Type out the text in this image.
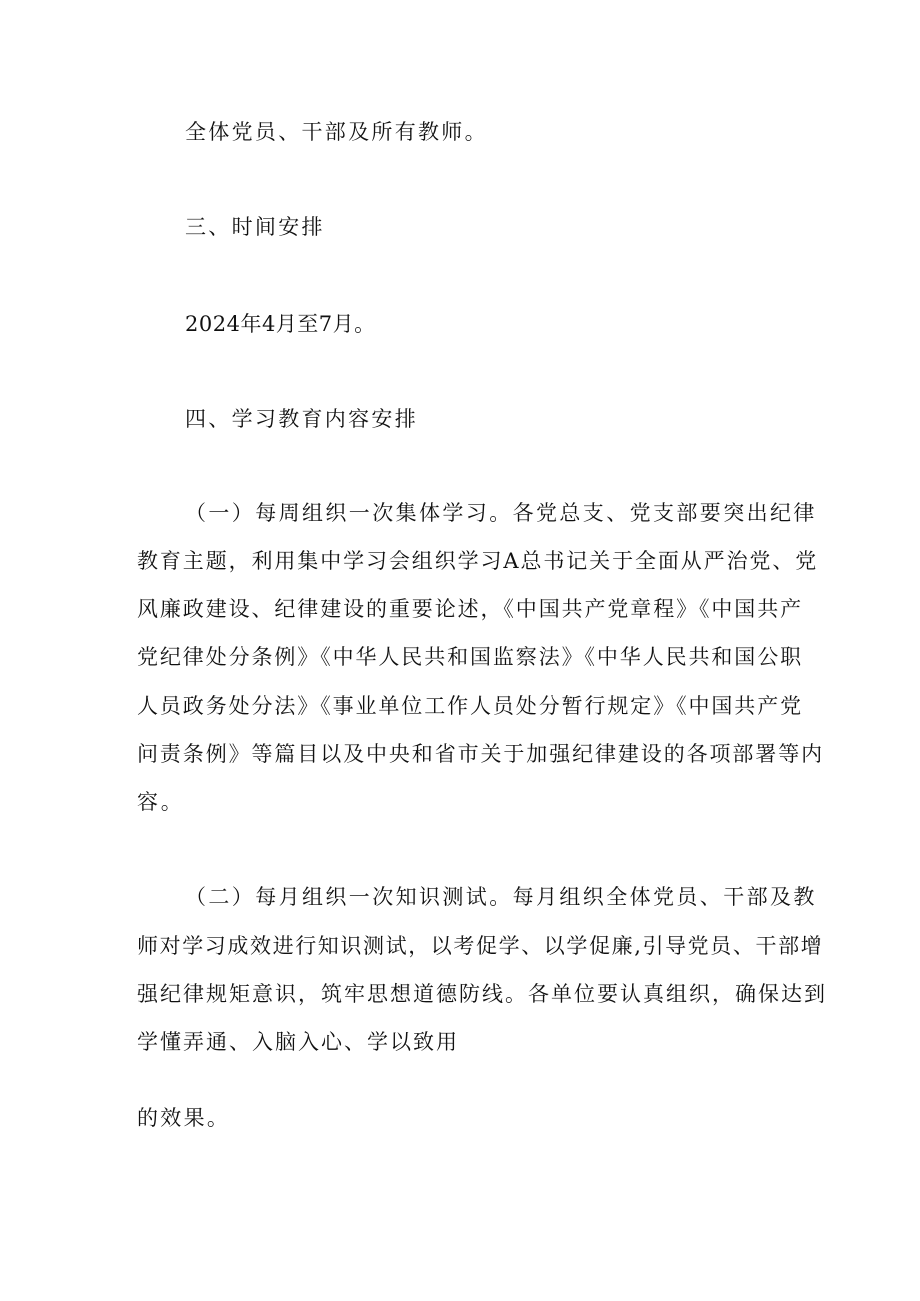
全体党员、干部及所有教师。
三、时间安排
2024年4月至7月。
四、学习教育内容安排
（一）每周组织一次集体学习。各党总支、党支部要突出纪律
教育主题，利用集中学习会组织学习A总书记关于全面从严治党、党
风廉政建设、纪律建设的重要论述，《中国共产党章程》《中国共产
党纪律处分条例》《中华人民共和国监察法》《中华人民共和国公职
人员政务处分法》《事业单位工作人员处分暂行规定》《中国共产党
问责条例》等篇目以及中央和省市关于加强纪律建设的各项部署等内
容。
（二）每月组织一次知识测试。每月组织全体党员、干部及教
师对学习成效进行知识测试，以考促学、以学促廉,引导党员、干部增
强纪律规矩意识，筑牢思想道德防线。各单位要认真组织，确保达到
学懂弄通、入脑入心、学以致用
的效果。
